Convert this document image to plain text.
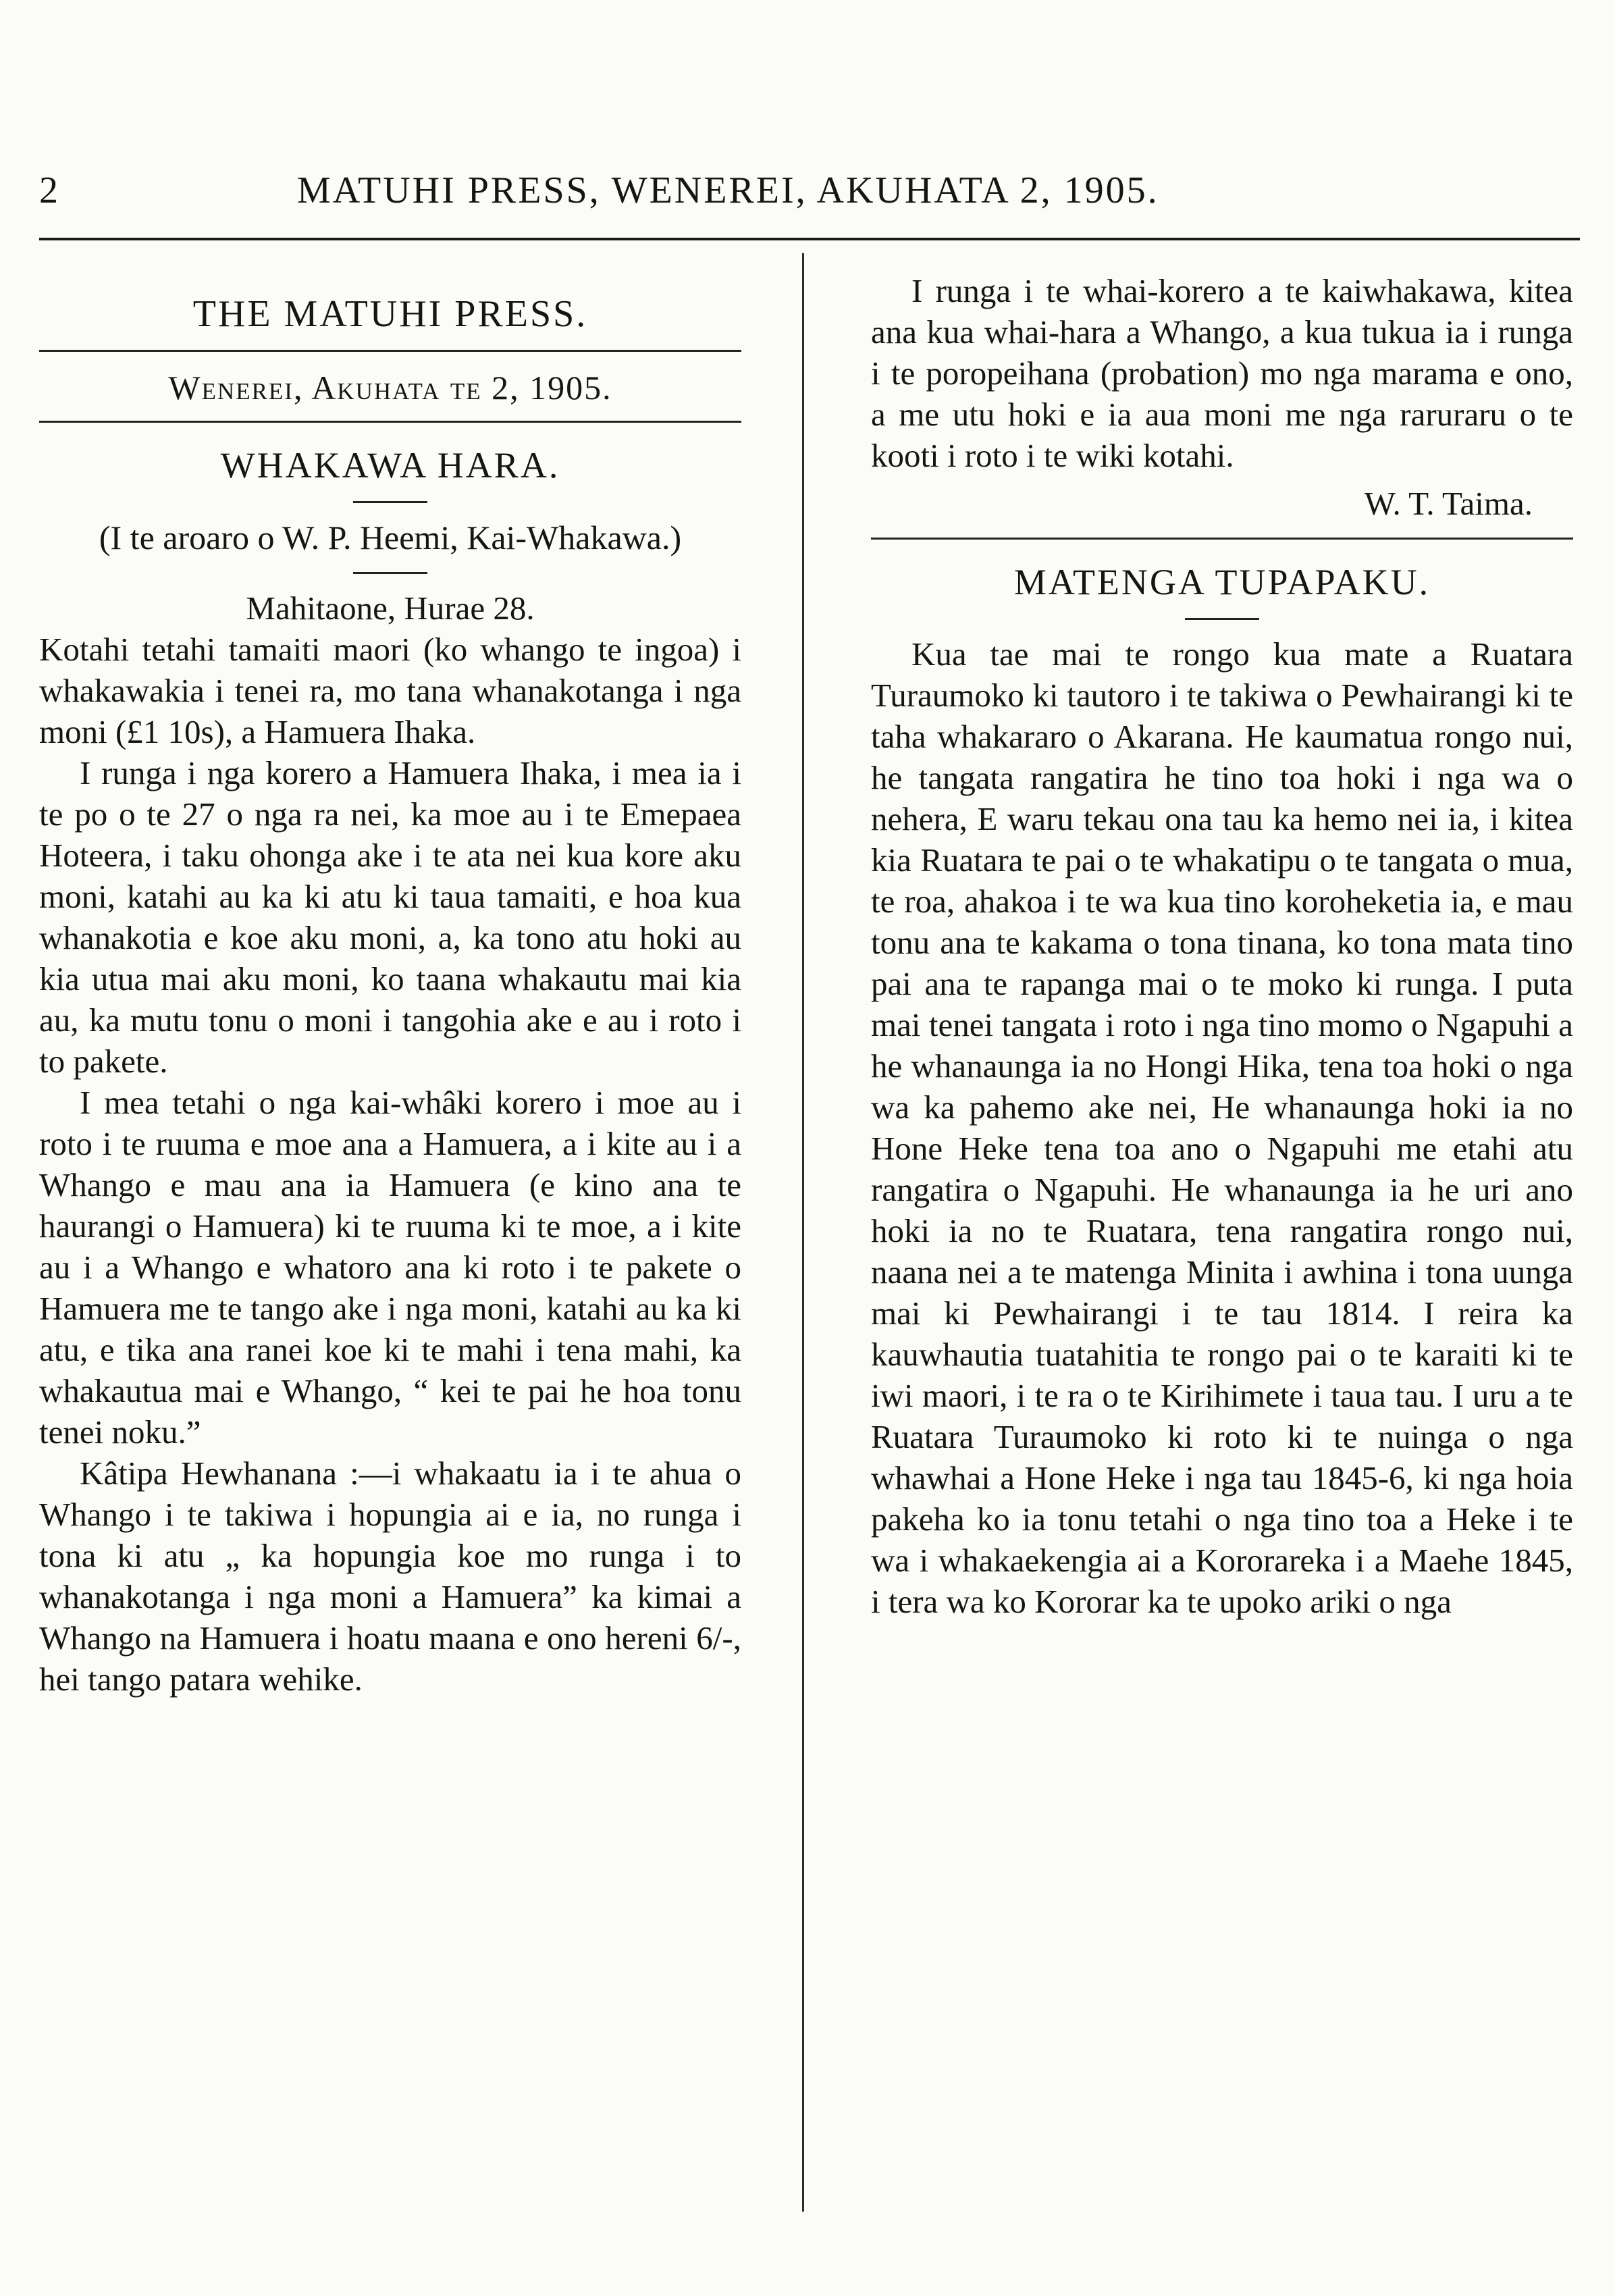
2	MATUHI PRESS, WENEREI, AKUHATA 2, 1905.
THE MATUHI PRESS.
Wenerei, Akuhata te 2, 1905.
WHAKAWA HARA.

(I te aroaro o W. P. Heemi, Kai-Whakawa.)

Mahitaone, Hurae 28.

Kotahi tetahi tamaiti maori (ko whango te ingoa) i whakawakia i tenei ra, mo tana whanakotanga i nga moni (£1 10s), a Hamuera Ihaka.

I runga i nga korero a Hamuera Ihaka, i mea ia i te po o te 27 o nga ra nei, ka moe au i te Emepaea Hoteera, i taku ohonga ake i te ata nei kua kore aku moni, katahi au ka ki atu ki taua tamaiti, e hoa kua whanakotia e koe aku moni, a, ka tono atu hoki au kia utua mai aku moni, ko taana whakautu mai kia au, ka mutu tonu o moni i tangohia ake e au i roto i to pakete.

I mea tetahi o nga kai-whâki korero i moe au i roto i te ruuma e moe ana a Hamuera, a i kite au i a Whango e mau ana ia Hamuera (e kino ana te haurangi o Hamuera) ki te ruuma ki te moe, a i kite au i a Whango e whatoro ana ki roto i te pakete o Hamuera me te tango ake i nga moni, katahi au ka ki atu, e tika ana ranei koe ki te mahi i tena mahi, ka whakautua mai e Whango, “ kei te pai he hoa tonu tenei noku.”

Kâtipa Hewhanana :—i whakaatu ia i te ahua o Whango i te takiwa i hopungia ai e ia, no runga i tona ki atu „ ka hopungia koe mo runga i to whanakotanga i nga moni a Hamuera” ka kimai a Whango na Hamuera i hoatu maana e ono hereni 6/-, hei tango patara wehike.

I runga i te whai-korero a te kaiwhakawa, kitea ana kua whai-hara a Whango, a kua tukua ia i runga i te poropeihana (probation) mo nga marama e ono, a me utu hoki e ia aua moni me nga raruraru o te kooti i roto i te wiki kotahi.

W. T. Taima.

MATENGA TUPAPAKU.

Kua tae mai te rongo kua mate a Ruatara Turaumoko ki tautoro i te takiwa o Pewhairangi ki te taha whakararo o Akarana. He kaumatua rongo nui, he tangata rangatira he tino toa hoki i nga wa o nehera, E waru tekau ona tau ka hemo nei ia, i kitea kia Ruatara te pai o te whakatipu o te tangata o mua, te roa, ahakoa i te wa kua tino koroheketia ia, e mau tonu ana te kakama o tona tinana, ko tona mata tino pai ana te rapanga mai o te moko ki runga. I puta mai tenei tangata i roto i nga tino momo o Ngapuhi a he whanaunga ia no Hongi Hika, tena toa hoki o nga wa ka pahemo ake nei, He whanaunga hoki ia no Hone Heke tena toa ano o Ngapuhi me etahi atu rangatira o Ngapuhi. He whanaunga ia he uri ano hoki ia no te Ruatara, tena rangatira rongo nui, naana nei a te matenga Minita i awhina i tona uunga mai ki Pewhairangi i te tau 1814. I reira ka kauwhautia tuatahitia te rongo pai o te karaiti ki te iwi maori, i te ra o te Kirihimete i taua tau. I uru a te Ruatara Turaumoko ki roto ki te nuinga o nga whawhai a Hone Heke i nga tau 1845-6, ki nga hoia pakeha ko ia tonu tetahi o nga tino toa a Heke i te wa i whakaekengia ai a Kororareka i a Maehe 1845, i tera wa ko Kororar ka te upoko ariki o nga
